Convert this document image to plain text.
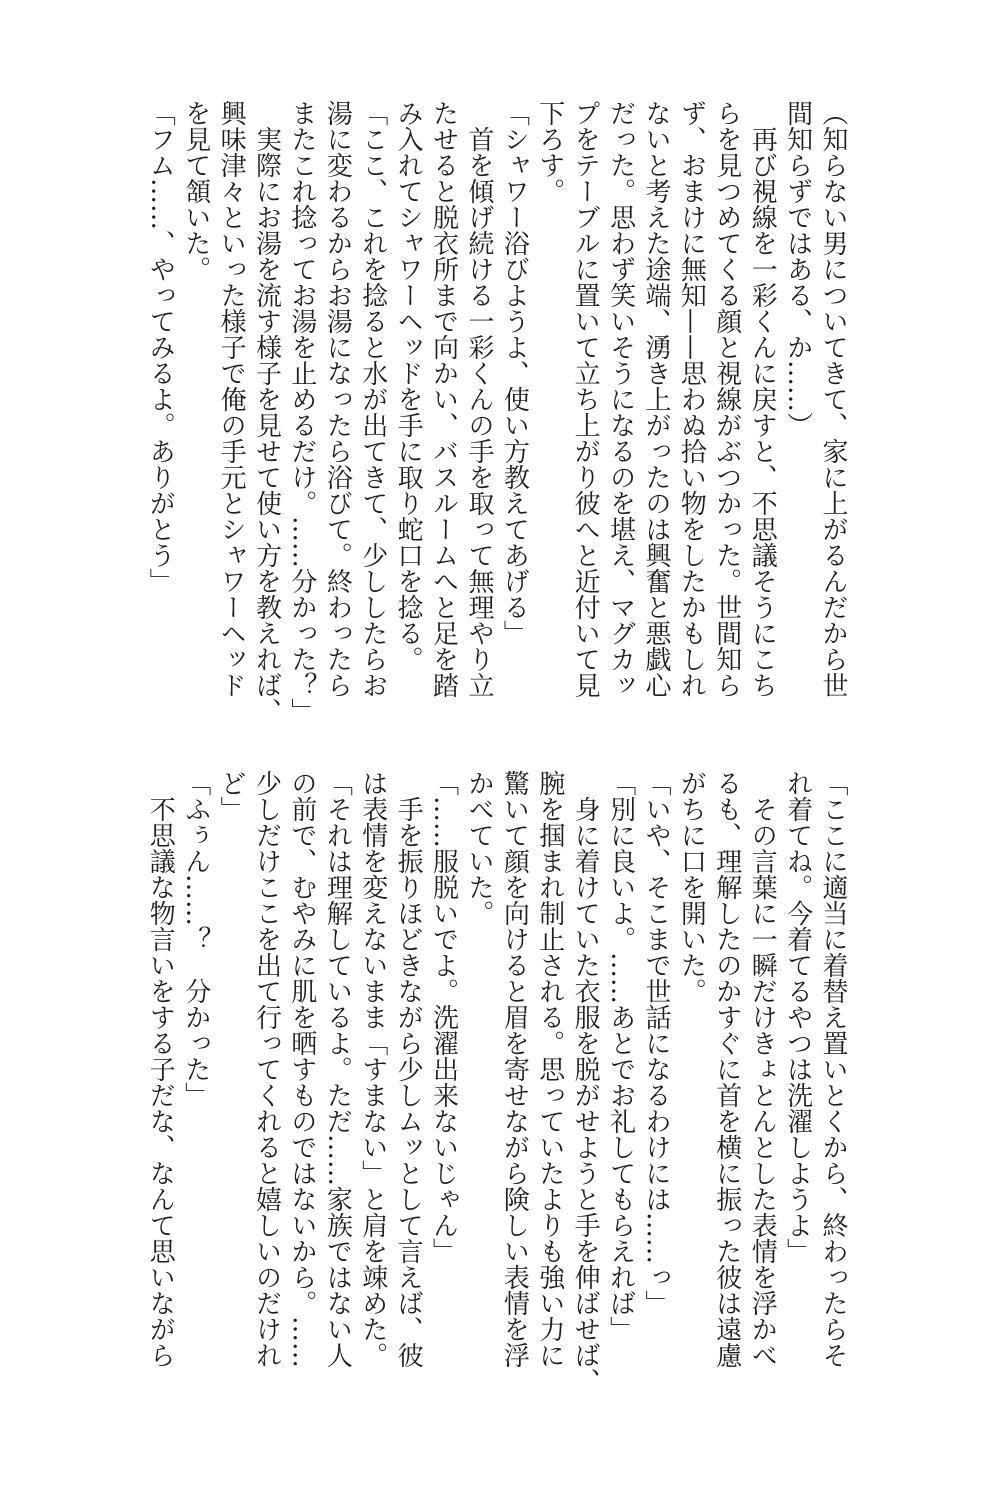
（知らない男についてきて、家に上がるんだから世
間知らずではある、か……）
　再び視線を一彩くんに戻すと、不思議そうにこち
らを見つめてくる顔と視線がぶつかった。世間知ら
ず、おまけに無知——思わぬ拾い物をしたかもしれ
ないと考えた途端、湧き上がったのは興奮と悪戯心
だった。思わず笑いそうになるのを堪え、マグカッ
プをテーブルに置いて立ち上がり彼へと近付いて見
下ろす。
「シャワー浴びようよ、使い方教えてあげる」
　首を傾げ続ける一彩くんの手を取って無理やり立
たせると脱衣所まで向かい、バスルームへと足を踏
み入れてシャワーヘッドを手に取り蛇口を捻る。
「ここ、これを捻ると水が出てきて、少ししたらお
湯に変わるからお湯になったら浴びて。終わったら
またこれ捻ってお湯を止めるだけ。……分かった？」
　実際にお湯を流す様子を見せて使い方を教えれば、
興味津々といった様子で俺の手元とシャワーヘッド
を見て頷いた。
「フム……、やってみるよ。ありがとう」
「ここに適当に着替え置いとくから、終わったらそ
れ着てね。今着てるやつは洗濯しようよ」
　その言葉に一瞬だけきょとんとした表情を浮かべ
るも、理解したのかすぐに首を横に振った彼は遠慮
がちに口を開いた。
「いや、そこまで世話になるわけには……っ」
「別に良いよ。……あとでお礼してもらえれば」
　身に着けていた衣服を脱がせようと手を伸ばせば、
腕を掴まれ制止される。思っていたよりも強い力に
驚いて顔を向けると眉を寄せながら険しい表情を浮
かべていた。
「……服脱いでよ。洗濯出来ないじゃん」
　手を振りほどきながら少しムッとして言えば、彼
は表情を変えないまま「すまない」と肩を竦めた。
「それは理解しているよ。ただ……家族ではない人
の前で、むやみに肌を晒すものではないから。……
少しだけここを出て行ってくれると嬉しいのだけれ
ど」
「ふぅん……？　分かった」
　不思議な物言いをする子だな、なんて思いながら
